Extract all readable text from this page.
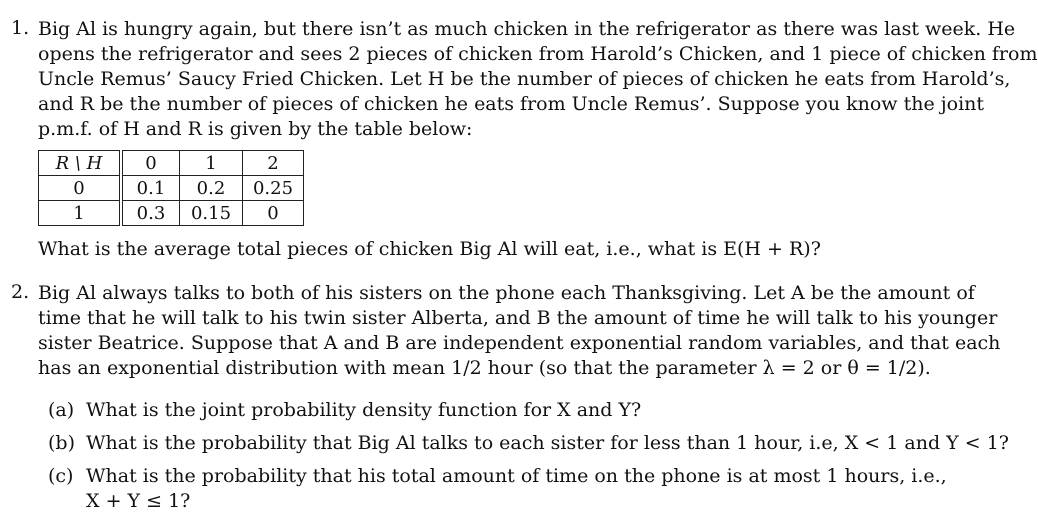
1. Big Al is hungry again, but there isn’t as much chicken in the refrigerator as there was last week. He
opens the refrigerator and sees 2 pieces of chicken from Harold’s Chicken, and 1 piece of chicken from
Uncle Remus’ Saucy Fried Chicken. Let H be the number of pieces of chicken he eats from Harold’s,
and R be the number of pieces of chicken he eats from Uncle Remus’. Suppose you know the joint
p.m.f. of H and R is given by the table below:
R \ H	0	1	2
0	0.1	0.2	0.25
1	0.3	0.15	0
What is the average total pieces of chicken Big Al will eat, i.e., what is E(H + R)?
2. Big Al always talks to both of his sisters on the phone each Thanksgiving. Let A be the amount of
time that he will talk to his twin sister Alberta, and B the amount of time he will talk to his younger
sister Beatrice. Suppose that A and B are independent exponential random variables, and that each
has an exponential distribution with mean 1/2 hour (so that the parameter λ = 2 or θ = 1/2).
(a) What is the joint probability density function for X and Y?
(b) What is the probability that Big Al talks to each sister for less than 1 hour, i.e, X < 1 and Y < 1?
(c) What is the probability that his total amount of time on the phone is at most 1 hours, i.e.,
X + Y ≤ 1?
